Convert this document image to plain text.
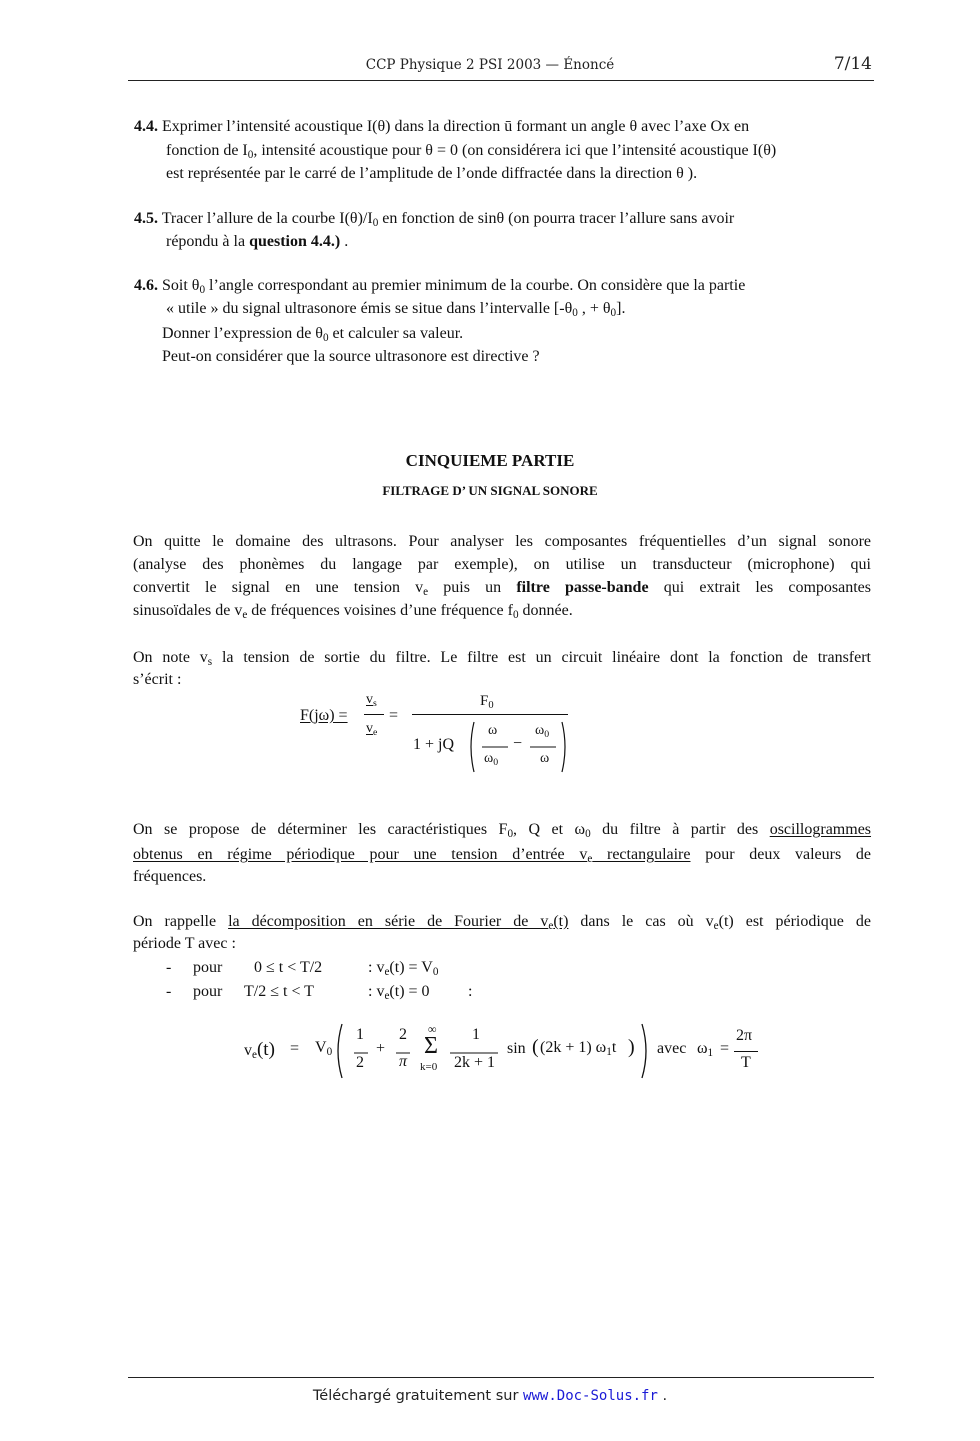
CCP Physique 2 PSI 2003 — Énoncé	7/14
4.4. Exprimer l’intensité acoustique I(θ) dans la direction ū formant un angle θ avec l’axe Ox en
fonction de $I_0$, intensité acoustique pour θ = 0 (on considérera ici que l’intensité acoustique I(θ)
est représentée par le carré de l’amplitude de l’onde diffractée dans la direction θ ).
4.5. Tracer l’allure de la courbe $I(\theta)/I_0$ en fonction de sinθ (on pourra tracer l’allure sans avoir
répondu à la question 4.4.) .
4.6. Soit $\theta_0$ l’angle correspondant au premier minimum de la courbe. On considère que la partie
« utile » du signal ultrasonore émis se situe dans l’intervalle [$-\theta_0$ , + $\theta_0$].
Donner l’expression de $\theta_0$ et calculer sa valeur.
Peut-on considérer que la source ultrasonore est directive ?
CINQUIEME PARTIE
FILTRAGE D’ UN SIGNAL SONORE
On quitte le domaine des ultrasons. Pour analyser les composantes fréquentielles d’un signal sonore
(analyse des phonèmes du langage par exemple), on utilise un transducteur (microphone) qui
convertit le signal en une tension $v_e$ puis un filtre passe-bande qui extrait les composantes
sinusoïdales de $v_e$ de fréquences voisines d’une fréquence $f_0$ donnée.
On note $v_s$ la tension de sortie du filtre. Le filtre est un circuit linéaire dont la fonction de transfert
s’écrit :
F(jω) =
$v_s$
$v_e$
=
$F_0$
1 + jQ
ω
$\omega_0$
−
$\omega_0$
ω
On se propose de déterminer les caractéristiques $F_0$, Q et $\omega_0$ du filtre à partir des oscillogrammes
obtenus en régime périodique pour une tension d’entrée $v_e$ rectangulaire pour deux valeurs de
fréquences.
On rappelle la décomposition en série de Fourier de $v_e(t)$ dans le cas où $v_e(t)$ est périodique de
période T avec :
- pour 0 ≤ t < T/2	: $v_e(t) = V_0$
- pour T/2 ≤ t < T	: $v_e(t) = 0$ :
$v_e(t) = V_0$
1
2
+
2
π
∞
Σ
k=0
1
2k + 1
sin ( (2k + 1) $\omega_1t$ ) avec $\omega_1$ =
2π
T
Téléchargé gratuitement sur www.Doc-Solus.fr .
